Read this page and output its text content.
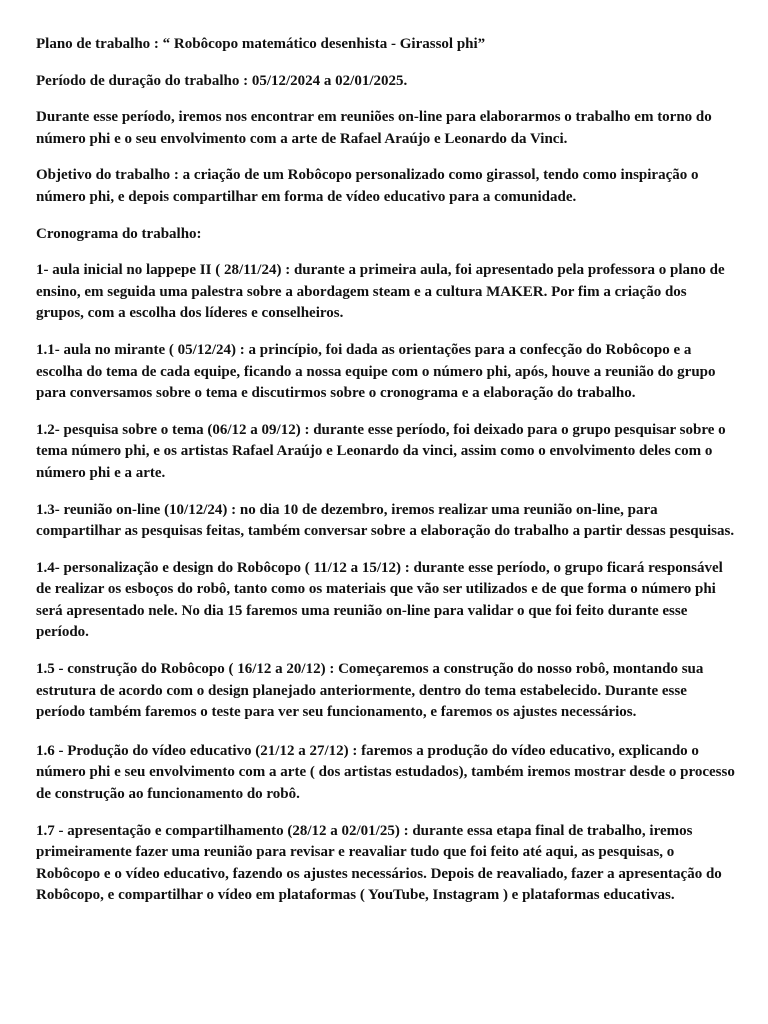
Plano de trabalho : “ Robôcopo matemático desenhista - Girassol phi”

Período de duração do trabalho : 05/12/2024 a 02/01/2025.

Durante esse período, iremos nos encontrar em reuniões on-line para elaborarmos o trabalho em torno do número phi e o seu envolvimento com a arte de Rafael Araújo e Leonardo da Vinci.

Objetivo do trabalho : a criação de um Robôcopo personalizado como girassol, tendo como inspiração o número phi, e depois compartilhar em forma de vídeo educativo para a comunidade.

Cronograma do trabalho:

1- aula inicial no lappepe II ( 28/11/24) : durante a primeira aula, foi apresentado pela professora o plano de ensino, em seguida uma palestra sobre a abordagem steam e a cultura MAKER. Por fim a criação dos grupos, com a escolha dos líderes e conselheiros.

1.1- aula no mirante ( 05/12/24) : a princípio, foi dada as orientações para a confecção do Robôcopo e a escolha do tema de cada equipe, ficando a nossa equipe com o número phi, após, houve a reunião do grupo para conversamos sobre o tema e discutirmos sobre o cronograma e a elaboração do trabalho.

1.2- pesquisa sobre o tema (06/12 a 09/12) : durante esse período, foi deixado para o grupo pesquisar sobre o tema número phi, e os artistas Rafael Araújo e Leonardo da vinci, assim como o envolvimento deles com o número phi e a arte.

1.3- reunião on-line (10/12/24) : no dia 10 de dezembro, iremos realizar uma reunião on-line, para compartilhar as pesquisas feitas, também conversar sobre a elaboração do trabalho a partir dessas pesquisas.

1.4- personalização e design do Robôcopo ( 11/12 a 15/12) : durante esse período, o grupo ficará responsável de realizar os esboços do robô, tanto como os materiais que vão ser utilizados e de que forma o número phi será apresentado nele. No dia 15 faremos uma reunião on-line para validar o que foi feito durante esse período.

1.5 - construção do Robôcopo ( 16/12 a 20/12) : Começaremos a construção do nosso robô, montando sua estrutura de acordo com o design planejado anteriormente, dentro do tema estabelecido. Durante esse período também faremos o teste para ver seu funcionamento, e faremos os ajustes necessários.

1.6 - Produção do vídeo educativo (21/12 a 27/12) : faremos a produção do vídeo educativo, explicando o número phi e seu envolvimento com a arte ( dos artistas estudados), também iremos mostrar desde o processo de construção ao funcionamento do robô.

1.7 - apresentação e compartilhamento (28/12 a 02/01/25) : durante essa etapa final de trabalho, iremos primeiramente fazer uma reunião para revisar e reavaliar tudo que foi feito até aqui, as pesquisas, o Robôcopo e o vídeo educativo, fazendo os ajustes necessários. Depois de reavaliado, fazer a apresentação do Robôcopo, e compartilhar o vídeo em plataformas ( YouTube, Instagram ) e plataformas educativas.
